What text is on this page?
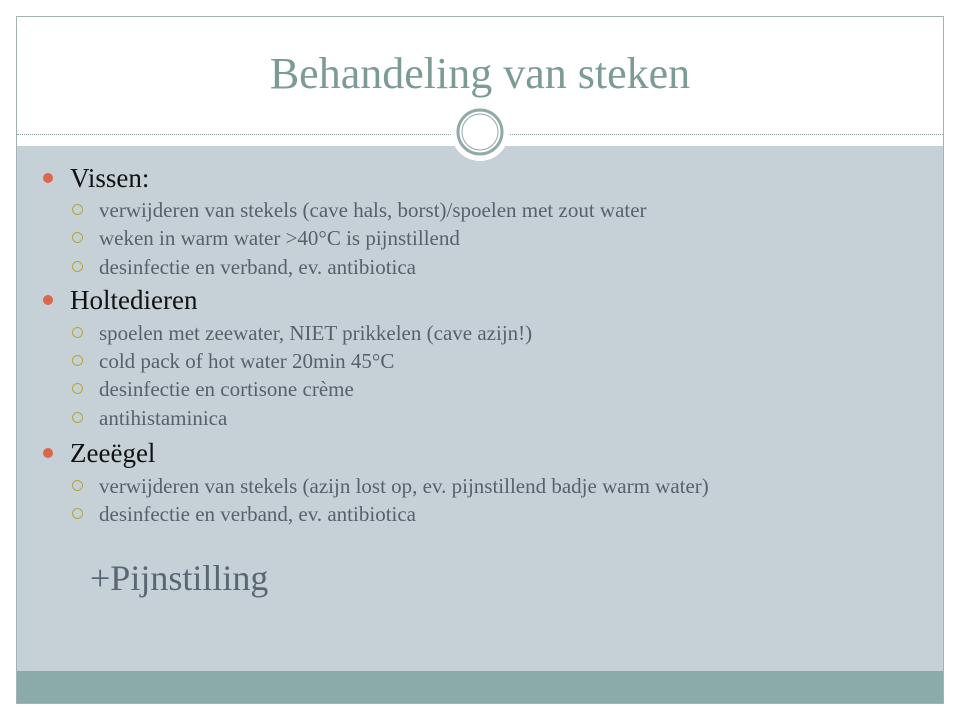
Behandeling van steken
Vissen:
verwijderen van stekels (cave hals, borst)/spoelen met zout water
weken in warm water >40°C is pijnstillend
desinfectie en verband, ev. antibiotica
Holtedieren
spoelen met zeewater, NIET prikkelen (cave azijn!)
cold pack of hot water 20min 45°C
desinfectie en cortisone crème
antihistaminica
Zeeëgel
verwijderen van stekels (azijn lost op, ev. pijnstillend badje warm water)
desinfectie en verband, ev. antibiotica
+Pijnstilling
